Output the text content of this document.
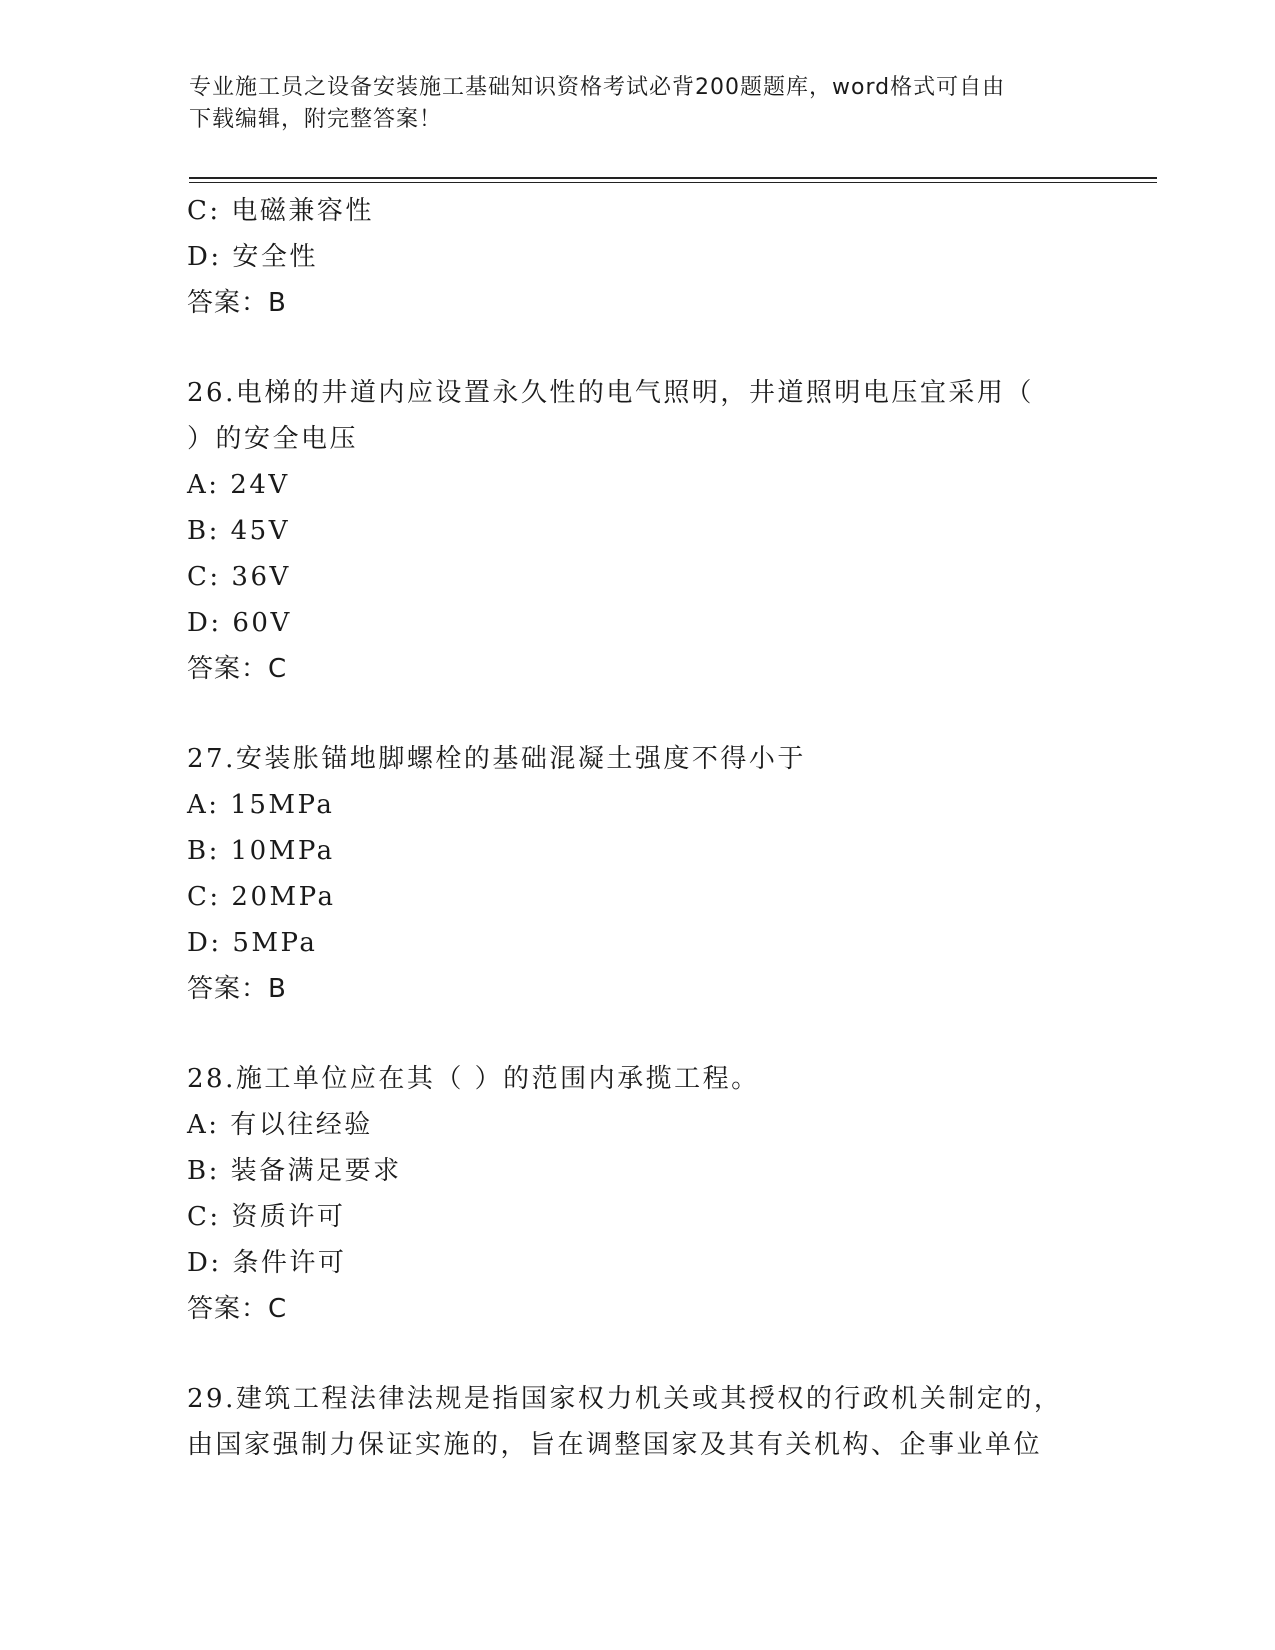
专业施工员之设备安装施工基础知识资格考试必背200题题库，word格式可自由
下载编辑，附完整答案！
C: 电磁兼容性
D: 安全性
答案：B
26.电梯的井道内应设置永久性的电气照明，井道照明电压宜采用（
）的安全电压
A: 24V
B: 45V
C: 36V
D: 60V
答案：C
27.安装胀锚地脚螺栓的基础混凝土强度不得小于
A: 15MPa
B: 10MPa
C: 20MPa
D: 5MPa
答案：B
28.施工单位应在其（ ）的范围内承揽工程。
A: 有以往经验
B: 装备满足要求
C: 资质许可
D: 条件许可
答案：C
29.建筑工程法律法规是指国家权力机关或其授权的行政机关制定的，
由国家强制力保证实施的，旨在调整国家及其有关机构、企事业单位
